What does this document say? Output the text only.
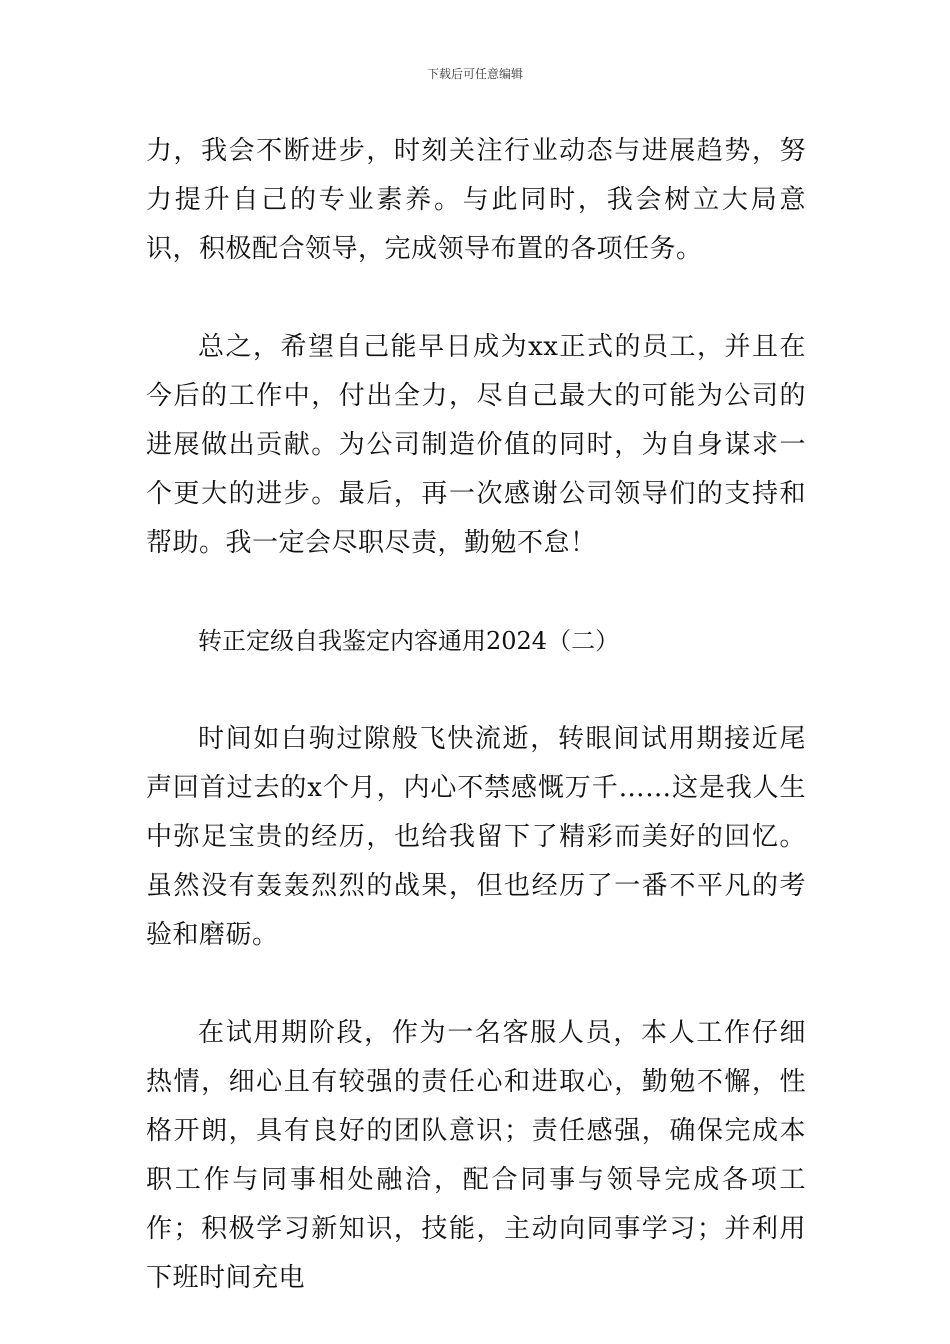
下载后可任意编辑

力，我会不断进步，时刻关注行业动态与进展趋势，努力提升自己的专业素养。与此同时，我会树立大局意识，积极配合领导，完成领导布置的各项任务。

总之，希望自己能早日成为xx正式的员工，并且在今后的工作中，付出全力，尽自己最大的可能为公司的进展做出贡献。为公司制造价值的同时，为自身谋求一个更大的进步。最后，再一次感谢公司领导们的支持和帮助。我一定会尽职尽责，勤勉不怠！

转正定级自我鉴定内容通用2024（二）

时间如白驹过隙般飞快流逝，转眼间试用期接近尾声回首过去的x个月，内心不禁感慨万千……这是我人生中弥足宝贵的经历，也给我留下了精彩而美好的回忆。虽然没有轰轰烈烈的战果，但也经历了一番不平凡的考验和磨砺。

在试用期阶段，作为一名客服人员，本人工作仔细热情，细心且有较强的责任心和进取心，勤勉不懈，性格开朗，具有良好的团队意识；责任感强，确保完成本职工作与同事相处融洽，配合同事与领导完成各项工作；积极学习新知识，技能，主动向同事学习；并利用下班时间充电
